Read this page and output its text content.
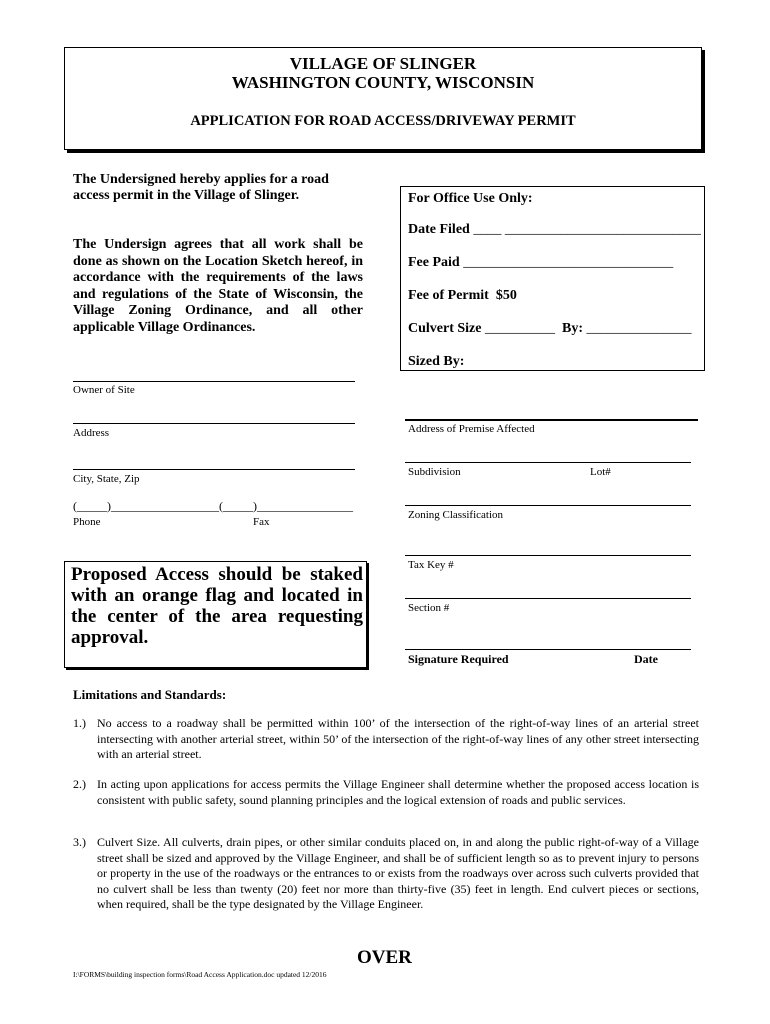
VILLAGE OF SLINGER
WASHINGTON COUNTY, WISCONSIN
APPLICATION FOR ROAD ACCESS/DRIVEWAY PERMIT
The Undersigned hereby applies for a road
access permit in the Village of Slinger.
The Undersign agrees that all work shall be done as shown on the Location Sketch hereof, in accordance with the requirements of the laws and regulations of the State of Wisconsin, the Village Zoning Ordinance, and all other applicable Village Ordinances.
For Office Use Only:
Date Filed ____ ____________________________
Fee Paid ______________________________
Fee of Permit $50
Culvert Size __________ By: _______________
Sized By:
Owner of Site
Address
City, State, Zip
(_____)__________________(_____)________________
Phone	Fax
Address of Premise Affected
Subdivision	Lot#
Zoning Classification
Tax Key #
Section #
Signature Required	Date
Proposed Access should be staked with an orange flag and located in the center of the area requesting approval.
Limitations and Standards:
1.) No access to a roadway shall be permitted within 100’ of the intersection of the right-of-way lines of an arterial street intersecting with another arterial street, within 50’ of the intersection of the right-of-way lines of any other street intersecting with an arterial street.
2.) In acting upon applications for access permits the Village Engineer shall determine whether the proposed access location is consistent with public safety, sound planning principles and the logical extension of roads and public services.
3.) Culvert Size. All culverts, drain pipes, or other similar conduits placed on, in and along the public right-of-way of a Village street shall be sized and approved by the Village Engineer, and shall be of sufficient length so as to prevent injury to persons or property in the use of the roadways or the entrances to or exists from the roadways over across such culverts provided that no culvert shall be less than twenty (20) feet nor more than thirty-five (35) feet in length. End culvert pieces or sections, when required, shall be the type designated by the Village Engineer.
OVER
I:\FORMS\building inspection forms\Road Access Application.doc updated 12/2016
